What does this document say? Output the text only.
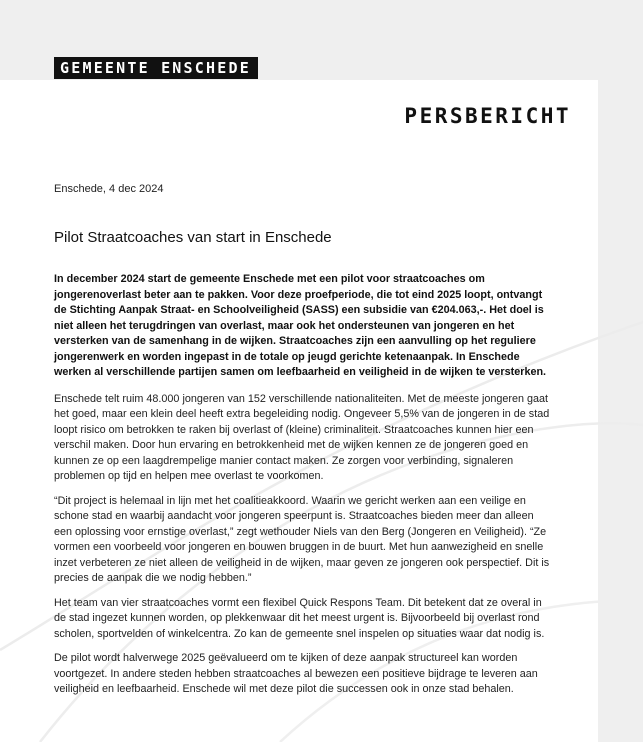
GEMEENTE ENSCHEDE
PERSBERICHT
Enschede, 4 dec 2024
Pilot Straatcoaches van start in Enschede

In december 2024 start de gemeente Enschede met een pilot voor straatcoaches om jongerenoverlast beter aan te pakken. Voor deze proefperiode, die tot eind 2025 loopt, ontvangt de Stichting Aanpak Straat- en Schoolveiligheid (SASS) een subsidie van €204.063,-. Het doel is niet alleen het terugdringen van overlast, maar ook het ondersteunen van jongeren en het versterken van de samenhang in de wijken. Straatcoaches zijn een aanvulling op het reguliere jongerenwerk en worden ingepast in de totale op jeugd gerichte ketenaanpak. In Enschede werken al verschillende partijen samen om leefbaarheid en veiligheid in de wijken te versterken.

Enschede telt ruim 48.000 jongeren van 152 verschillende nationaliteiten. Met de meeste jongeren gaat het goed, maar een klein deel heeft extra begeleiding nodig. Ongeveer 5,5% van de jongeren in de stad loopt risico om betrokken te raken bij overlast of (kleine) criminaliteit. Straatcoaches kunnen hier een verschil maken. Door hun ervaring en betrokkenheid met de wijken kennen ze de jongeren goed en kunnen ze op een laagdrempelige manier contact maken. Ze zorgen voor verbinding, signaleren problemen op tijd en helpen mee overlast te voorkomen.

“Dit project is helemaal in lijn met het coalitieakkoord. Waarin we gericht werken aan een veilige en schone stad en waarbij aandacht voor jongeren speerpunt is. Straatcoaches bieden meer dan alleen een oplossing voor ernstige overlast,” zegt wethouder Niels van den Berg (Jongeren en Veiligheid). “Ze vormen een voorbeeld voor jongeren en bouwen bruggen in de buurt. Met hun aanwezigheid en snelle inzet verbeteren ze niet alleen de veiligheid in de wijken, maar geven ze jongeren ook perspectief. Dit is precies de aanpak die we nodig hebben.”

Het team van vier straatcoaches vormt een flexibel Quick Respons Team. Dit betekent dat ze overal in de stad ingezet kunnen worden, op plekkenwaar dit het meest urgent is. Bijvoorbeeld bij overlast rond scholen, sportvelden of winkelcentra. Zo kan de gemeente snel inspelen op situaties waar dat nodig is.

De pilot wordt halverwege 2025 geëvalueerd om te kijken of deze aanpak structureel kan worden voortgezet. In andere steden hebben straatcoaches al bewezen een positieve bijdrage te leveren aan veiligheid en leefbaarheid. Enschede wil met deze pilot die successen ook in onze stad behalen.
